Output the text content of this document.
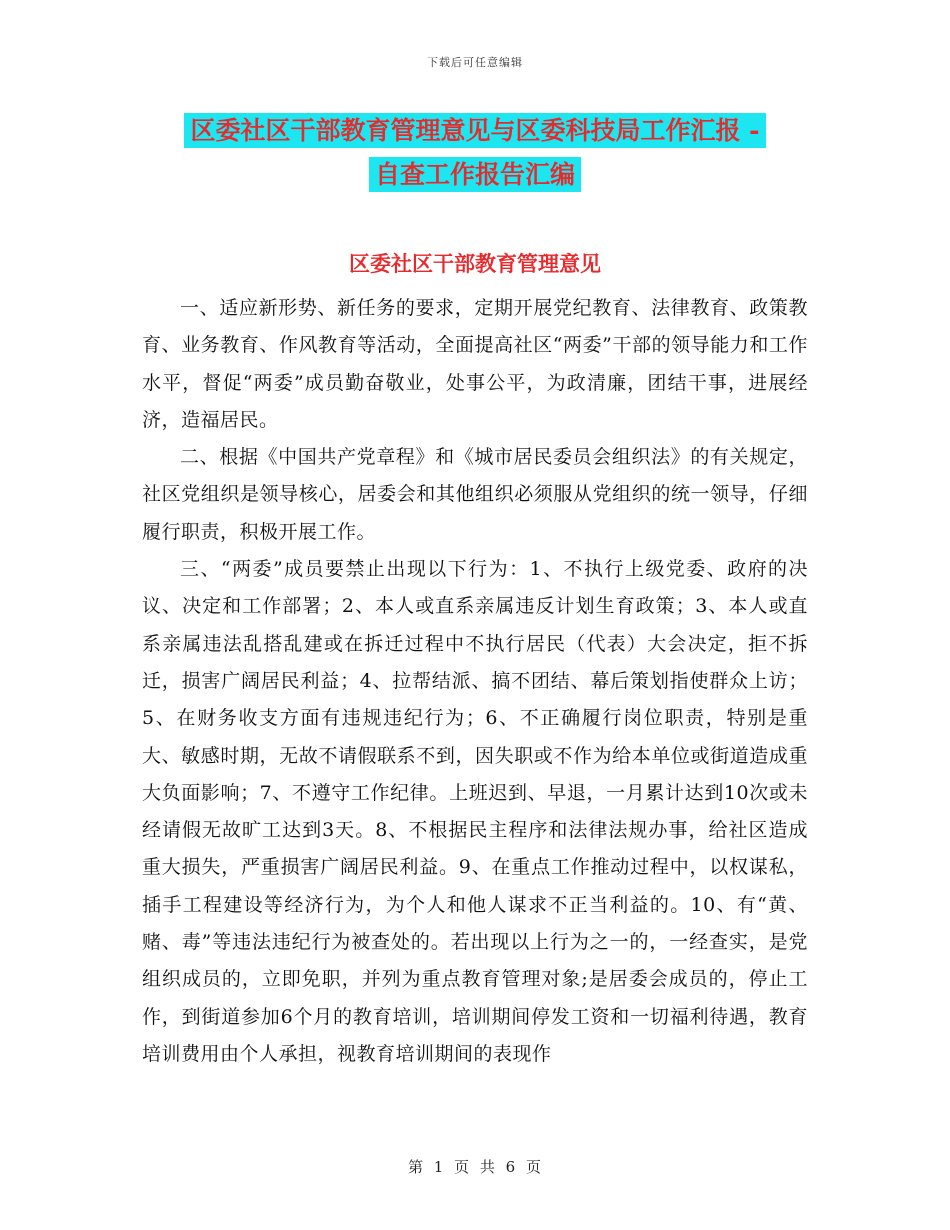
下载后可任意编辑
区委社区干部教育管理意见与区委科技局工作汇报 -
自查工作报告汇编
区委社区干部教育管理意见

一、适应新形势、新任务的要求，定期开展党纪教育、法律教育、政策教育、业务教育、作风教育等活动，全面提高社区“两委”干部的领导能力和工作水平，督促“两委”成员勤奋敬业，处事公平，为政清廉，团结干事，进展经济，造福居民。

二、根据《中国共产党章程》和《城市居民委员会组织法》的有关规定，社区党组织是领导核心，居委会和其他组织必须服从党组织的统一领导，仔细履行职责，积极开展工作。

三、“两委”成员要禁止出现以下行为：1、不执行上级党委、政府的决议、决定和工作部署；2、本人或直系亲属违反计划生育政策；3、本人或直系亲属违法乱搭乱建或在拆迁过程中不执行居民（代表）大会决定，拒不拆迁，损害广阔居民利益；4、拉帮结派、搞不团结、幕后策划指使群众上访；5、在财务收支方面有违规违纪行为；6、不正确履行岗位职责，特别是重大、敏感时期，无故不请假联系不到，因失职或不作为给本单位或街道造成重大负面影响；7、不遵守工作纪律。上班迟到、早退，一月累计达到10次或未经请假无故旷工达到3天。8、不根据民主程序和法律法规办事，给社区造成重大损失，严重损害广阔居民利益。9、在重点工作推动过程中，以权谋私，插手工程建设等经济行为，为个人和他人谋求不正当利益的。10、有“黄、赌、毒”等违法违纪行为被查处的。若出现以上行为之一的，一经查实，是党组织成员的，立即免职，并列为重点教育管理对象;是居委会成员的，停止工作，到街道参加6个月的教育培训，培训期间停发工资和一切福利待遇，教育培训费用由个人承担，视教育培训期间的表现作

第 1 页 共 6 页
